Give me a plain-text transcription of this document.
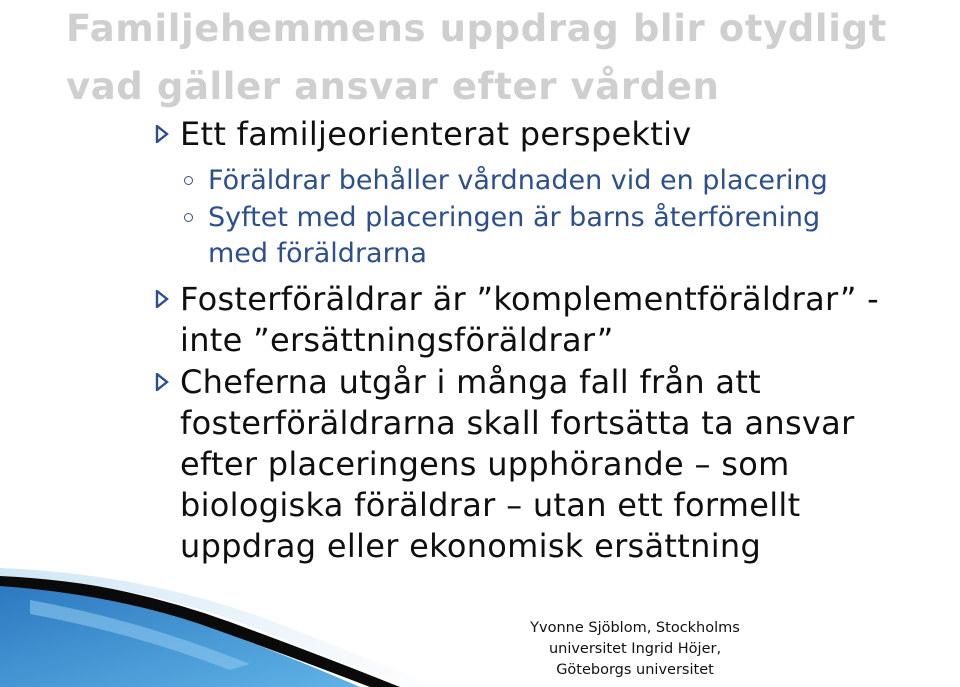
Familjehemmens uppdrag blir otydligt
vad gäller ansvar efter vården
Ett familjeorienterat perspektiv
Föräldrar behåller vårdnaden vid en placering
Syftet med placeringen är barns återförening
med föräldrarna
Fosterföräldrar är ”komplementföräldrar” -
inte ”ersättningsföräldrar”
Cheferna utgår i många fall från att
fosterföräldrarna skall fortsätta ta ansvar
efter placeringens upphörande – som
biologiska föräldrar – utan ett formellt
uppdrag eller ekonomisk ersättning
Yvonne Sjöblom, Stockholms
universitet Ingrid Höjer,
Göteborgs universitet
